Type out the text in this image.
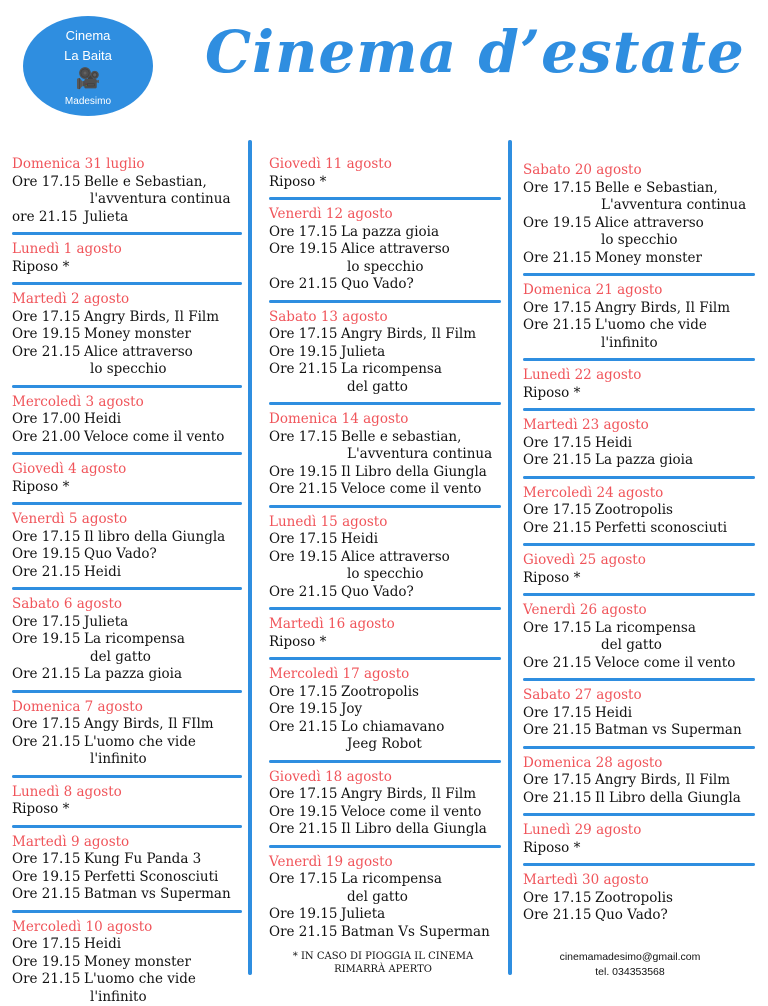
Cinema
La Baita
🎥
Madesimo
Cinema d’estate
Domenica 31 luglio
Ore 17.15 Belle e Sebastian,
l'avventura continua
ore 21.15 Julieta
Lunedì 1 agosto
Riposo *
Martedì 2 agosto
Ore 17.15 Angry Birds, Il Film
Ore 19.15 Money monster
Ore 21.15 Alice attraverso
lo specchio
Mercoledì 3 agosto
Ore 17.00 Heidi
Ore 21.00 Veloce come il vento
Giovedì 4 agosto
Riposo *
Venerdì 5 agosto
Ore 17.15 Il libro della Giungla
Ore 19.15 Quo Vado?
Ore 21.15 Heidi
Sabato 6 agosto
Ore 17.15 Julieta
Ore 19.15 La ricompensa
del gatto
Ore 21.15 La pazza gioia
Domenica 7 agosto
Ore 17.15 Angy Birds, Il FIlm
Ore 21.15 L'uomo che vide
l'infinito
Lunedì 8 agosto
Riposo *
Martedì 9 agosto
Ore 17.15 Kung Fu Panda 3
Ore 19.15 Perfetti Sconosciuti
Ore 21.15 Batman vs Superman
Mercoledì 10 agosto
Ore 17.15 Heidi
Ore 19.15 Money monster
Ore 21.15 L'uomo che vide
l'infinito
Giovedì 11 agosto
Riposo *
Venerdì 12 agosto
Ore 17.15 La pazza gioia
Ore 19.15 Alice attraverso
lo specchio
Ore 21.15 Quo Vado?
Sabato 13 agosto
Ore 17.15 Angry Birds, Il Film
Ore 19.15 Julieta
Ore 21.15 La ricompensa
del gatto
Domenica 14 agosto
Ore 17.15 Belle e sebastian,
L'avventura continua
Ore 19.15 Il Libro della Giungla
Ore 21.15 Veloce come il vento
Lunedì 15 agosto
Ore 17.15 Heidi
Ore 19.15 Alice attraverso
lo specchio
Ore 21.15 Quo Vado?
Martedì 16 agosto
Riposo *
Mercoledì 17 agosto
Ore 17.15 Zootropolis
Ore 19.15 Joy
Ore 21.15 Lo chiamavano
Jeeg Robot
Giovedì 18 agosto
Ore 17.15 Angry Birds, Il Film
Ore 19.15 Veloce come il vento
Ore 21.15 Il Libro della Giungla
Venerdì 19 agosto
Ore 17.15 La ricompensa
del gatto
Ore 19.15 Julieta
Ore 21.15 Batman Vs Superman
Sabato 20 agosto
Ore 17.15 Belle e Sebastian,
L'avventura continua
Ore 19.15 Alice attraverso
lo specchio
Ore 21.15 Money monster
Domenica 21 agosto
Ore 17.15 Angry Birds, Il Film
Ore 21.15 L'uomo che vide
l'infinito
Lunedì 22 agosto
Riposo *
Martedì 23 agosto
Ore 17.15 Heidi
Ore 21.15 La pazza gioia
Mercoledì 24 agosto
Ore 17.15 Zootropolis
Ore 21.15 Perfetti sconosciuti
Giovedì 25 agosto
Riposo *
Venerdì 26 agosto
Ore 17.15 La ricompensa
del gatto
Ore 21.15 Veloce come il vento
Sabato 27 agosto
Ore 17.15 Heidi
Ore 21.15 Batman vs Superman
Domenica 28 agosto
Ore 17.15 Angry Birds, Il Film
Ore 21.15 Il Libro della Giungla
Lunedì 29 agosto
Riposo *
Martedì 30 agosto
Ore 17.15 Zootropolis
Ore 21.15 Quo Vado?
* IN CASO DI PIOGGIA IL CINEMA
RIMARRÀ APERTO
cinemamadesimo@gmail.com
tel. 034353568
